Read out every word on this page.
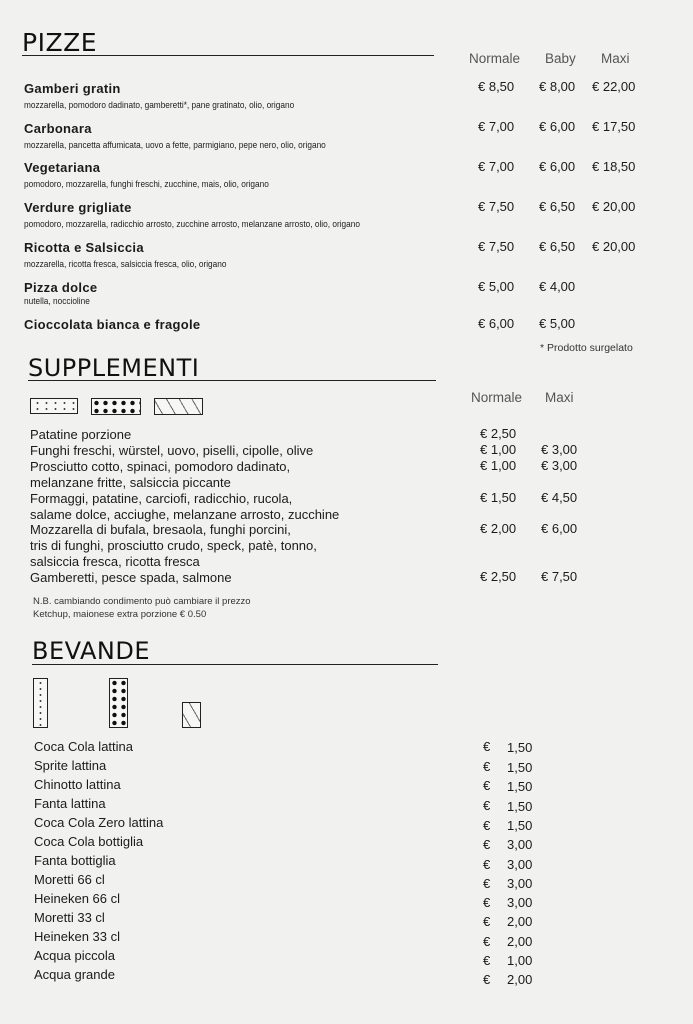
PIZZE
Normale Baby Maxi
Gamberi gratin
mozzarella, pomodoro dadinato, gamberetti*, pane gratinato, olio, origano
€ 8,50 € 8,00 € 22,00
Carbonara
mozzarella, pancetta affumicata, uovo a fette, parmigiano, pepe nero, olio, origano
€ 7,00 € 6,00 € 17,50
Vegetariana
pomodoro, mozzarella, funghi freschi, zucchine, mais, olio, origano
€ 7,00 € 6,00 € 18,50
Verdure grigliate
pomodoro, mozzarella, radicchio arrosto, zucchine arrosto, melanzane arrosto, olio, origano
€ 7,50 € 6,50 € 20,00
Ricotta e Salsiccia
mozzarella, ricotta fresca, salsiccia fresca, olio, origano
€ 7,50 € 6,50 € 20,00
Pizza dolce
nutella, noccioline
€ 5,00 € 4,00
Cioccolata bianca e fragole	€ 6,00 € 5,00
* Prodotto surgelato
SUPPLEMENTI
Normale Maxi
Patatine porzione	€ 2,50
Funghi freschi, würstel, uovo, piselli, cipolle, olive	€ 1,00 € 3,00
Prosciutto cotto, spinaci, pomodoro dadinato,
melanzane fritte, salsiccia piccante
€ 1,00 € 3,00
Formaggi, patatine, carciofi, radicchio, rucola,
salame dolce, acciughe, melanzane arrosto, zucchine
€ 1,50 € 4,50
Mozzarella di bufala, bresaola, funghi porcini,
tris di funghi, prosciutto crudo, speck, patè, tonno,
salsiccia fresca, ricotta fresca
€ 2,00 € 6,00
Gamberetti, pesce spada, salmone	€ 2,50 € 7,50
N.B. cambiando condimento può cambiare il prezzo
Ketchup, maionese extra porzione € 0.50
BEVANDE
Coca Cola lattina	€ 1,50
Sprite lattina	€ 1,50
Chinotto lattina	€ 1,50
Fanta lattina	€ 1,50
Coca Cola Zero lattina	€ 1,50
Coca Cola bottiglia	€ 3,00
Fanta bottiglia	€ 3,00
Moretti 66 cl	€ 3,00
Heineken 66 cl	€ 3,00
Moretti 33 cl	€ 2,00
Heineken 33 cl	€ 2,00
Acqua piccola	€ 1,00
Acqua grande	€ 2,00
